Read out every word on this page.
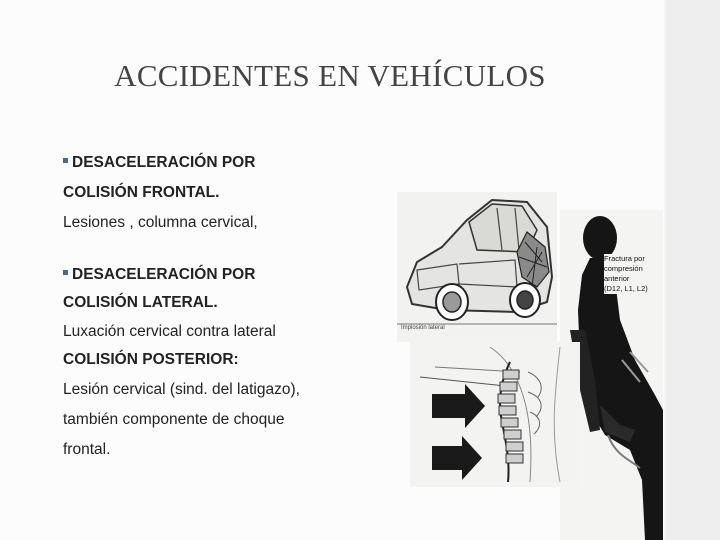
ACCIDENTES EN VEHÍCULOS
DESACELERACIÓN POR
COLISIÓN FRONTAL.
Lesiones , columna cervical,
DESACELERACIÓN POR
COLISIÓN LATERAL.
Luxación cervical contra lateral
COLISIÓN POSTERIOR:
Lesión cervical (sind. del latigazo),
también componente de choque
frontal.
Implosión lateral
Fractura por
compresión
anterior
(D12, L1, L2)
